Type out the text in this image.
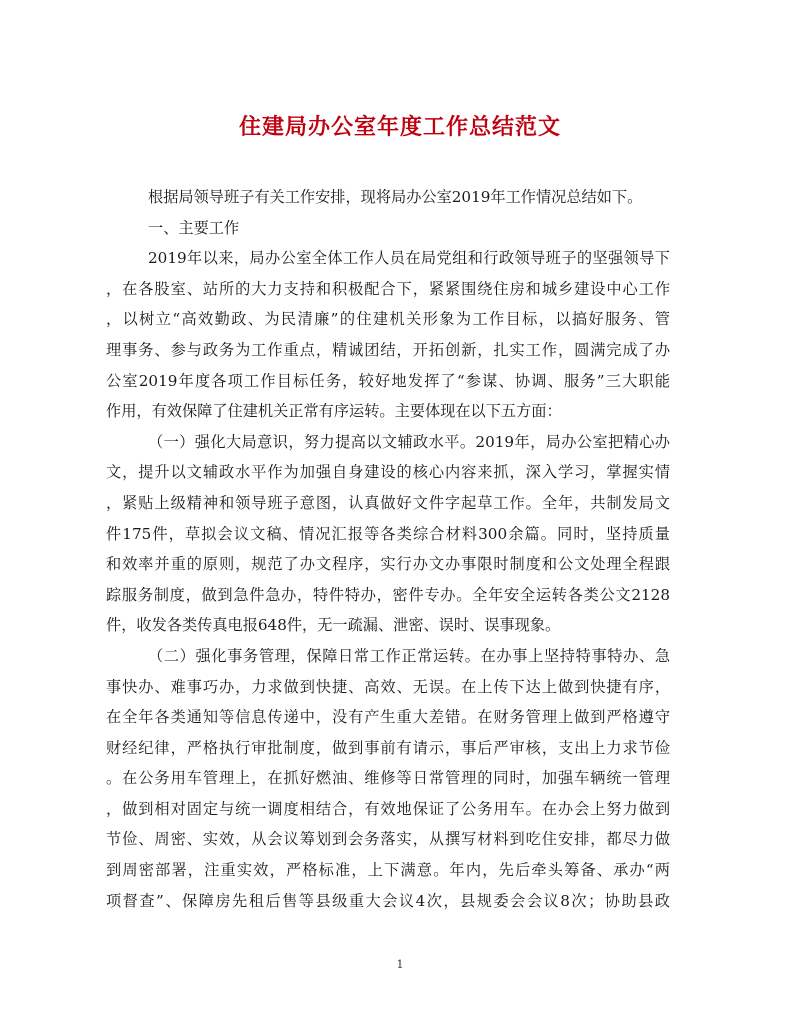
住建局办公室年度工作总结范文
根据局领导班子有关工作安排，现将局办公室2019年工作情况总结如下。
一、主要工作
2019年以来，局办公室全体工作人员在局党组和行政领导班子的坚强领导下
，在各股室、站所的大力支持和积极配合下，紧紧围绕住房和城乡建设中心工作
，以树立“高效勤政、为民清廉”的住建机关形象为工作目标，以搞好服务、管
理事务、参与政务为工作重点，精诚团结，开拓创新，扎实工作，圆满完成了办
公室2019年度各项工作目标任务，较好地发挥了“参谋、协调、服务”三大职能
作用，有效保障了住建机关正常有序运转。主要体现在以下五方面：
（一）强化大局意识，努力提高以文辅政水平。2019年，局办公室把精心办
文，提升以文辅政水平作为加强自身建设的核心内容来抓，深入学习，掌握实情
，紧贴上级精神和领导班子意图，认真做好文件字起草工作。全年，共制发局文
件175件，草拟会议文稿、情况汇报等各类综合材料300余篇。同时，坚持质量
和效率并重的原则，规范了办文程序，实行办文办事限时制度和公文处理全程跟
踪服务制度，做到急件急办，特件特办，密件专办。全年安全运转各类公文2128
件，收发各类传真电报648件，无一疏漏、泄密、误时、误事现象。
（二）强化事务管理，保障日常工作正常运转。在办事上坚持特事特办、急
事快办、难事巧办，力求做到快捷、高效、无误。在上传下达上做到快捷有序，
在全年各类通知等信息传递中，没有产生重大差错。在财务管理上做到严格遵守
财经纪律，严格执行审批制度，做到事前有请示，事后严审核，支出上力求节俭
。在公务用车管理上，在抓好燃油、维修等日常管理的同时，加强车辆统一管理
，做到相对固定与统一调度相结合，有效地保证了公务用车。在办会上努力做到
节俭、周密、实效，从会议筹划到会务落实，从撰写材料到吃住安排，都尽力做
到周密部署，注重实效，严格标准，上下满意。年内，先后牵头筹备、承办“两
项督查”、保障房先租后售等县级重大会议4次，县规委会会议8次；协助县政
1
